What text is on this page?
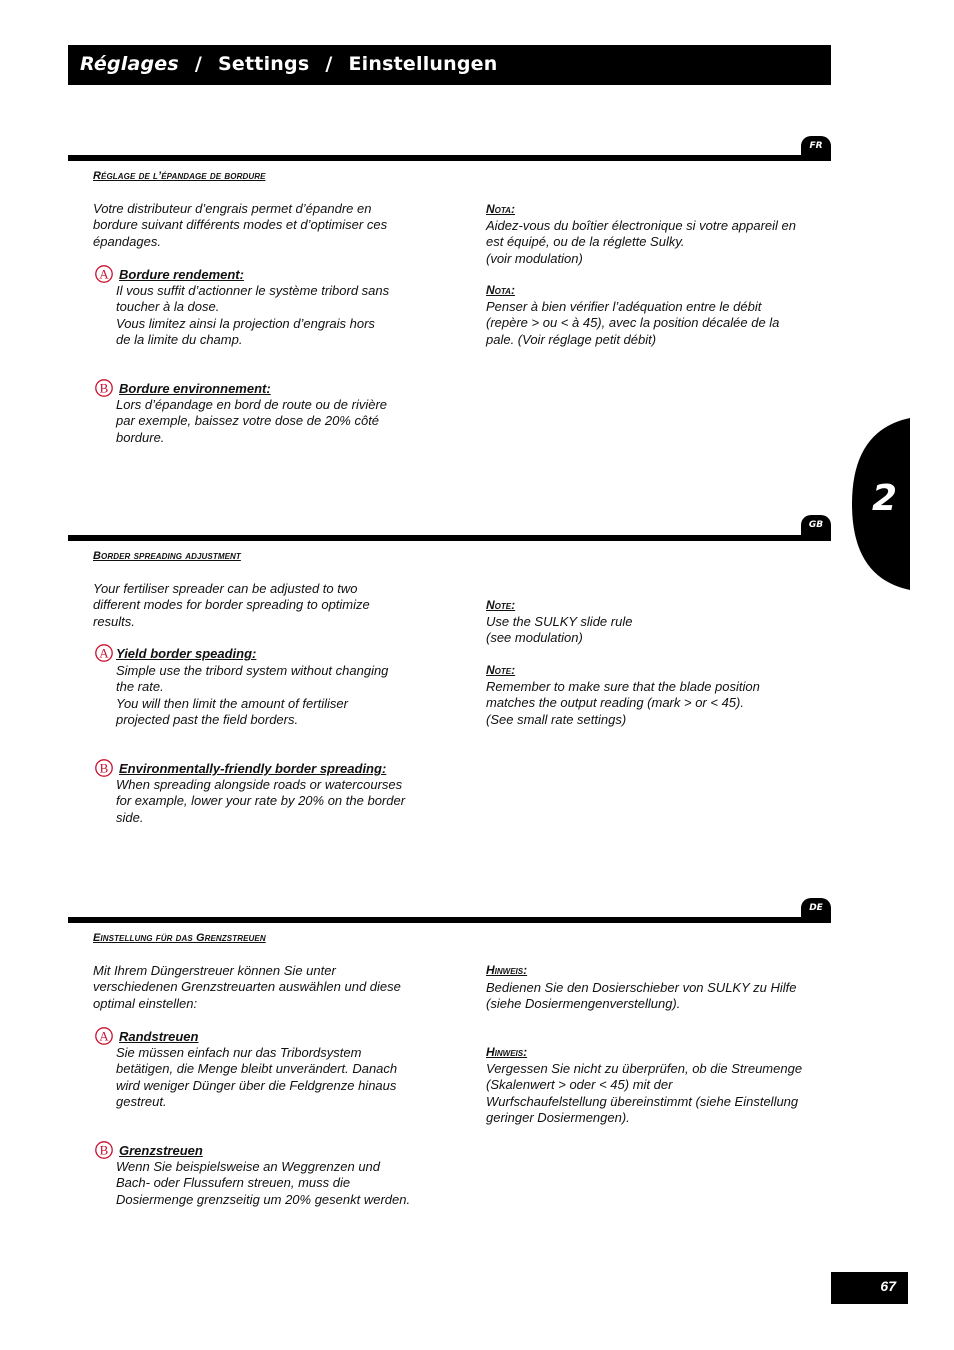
Réglages / Settings / Einstellungen
2
FR
Réglage de l’épandage de bordure
Votre distributeur d’engrais permet d’épandre en
bordure suivant différents modes et d’optimiser ces
épandages.
A Bordure rendement:
Il vous suffit d’actionner le système tribord sans
toucher à la dose.
Vous limitez ainsi la projection d’engrais hors
de la limite du champ.
B Bordure environnement:
Lors d’épandage en bord de route ou de rivière
par exemple, baissez votre dose de 20% côté
bordure.
Nota:
Aidez-vous du boîtier électronique si votre appareil en
est équipé, ou de la réglette Sulky.
(voir modulation)
Nota:
Penser à bien vérifier l’adéquation entre le débit
(repère > ou < à 45), avec la position décalée de la
pale. (Voir réglage petit débit)
GB
Border spreading adjustment
Your fertiliser spreader can be adjusted to two
different modes for border spreading to optimize
results.
A Yield border speading:
Simple use the tribord system without changing
the rate.
You will then limit the amount of fertiliser
projected past the field borders.
B Environmentally-friendly border spreading:
When spreading alongside roads or watercourses
for example, lower your rate by 20% on the border
side.
Note:
Use the SULKY slide rule
(see modulation)
Note:
Remember to make sure that the blade position
matches the output reading (mark > or < 45).
(See small rate settings)
DE
Einstellung für das Grenzstreuen
Mit Ihrem Düngerstreuer können Sie unter
verschiedenen Grenzstreuarten auswählen und diese
optimal einstellen:
A Randstreuen
Sie müssen einfach nur das Tribordsystem
betätigen, die Menge bleibt unverändert. Danach
wird weniger Dünger über die Feldgrenze hinaus
gestreut.
B Grenzstreuen
Wenn Sie beispielsweise an Weggrenzen und
Bach- oder Flussufern streuen, muss die
Dosiermenge grenzseitig um 20% gesenkt werden.
Hinweis:
Bedienen Sie den Dosierschieber von SULKY zu Hilfe
(siehe Dosiermengenverstellung).
Hinweis:
Vergessen Sie nicht zu überprüfen, ob die Streumenge
(Skalenwert > oder < 45) mit der
Wurfschaufelstellung übereinstimmt (siehe Einstellung
geringer Dosiermengen).
67
